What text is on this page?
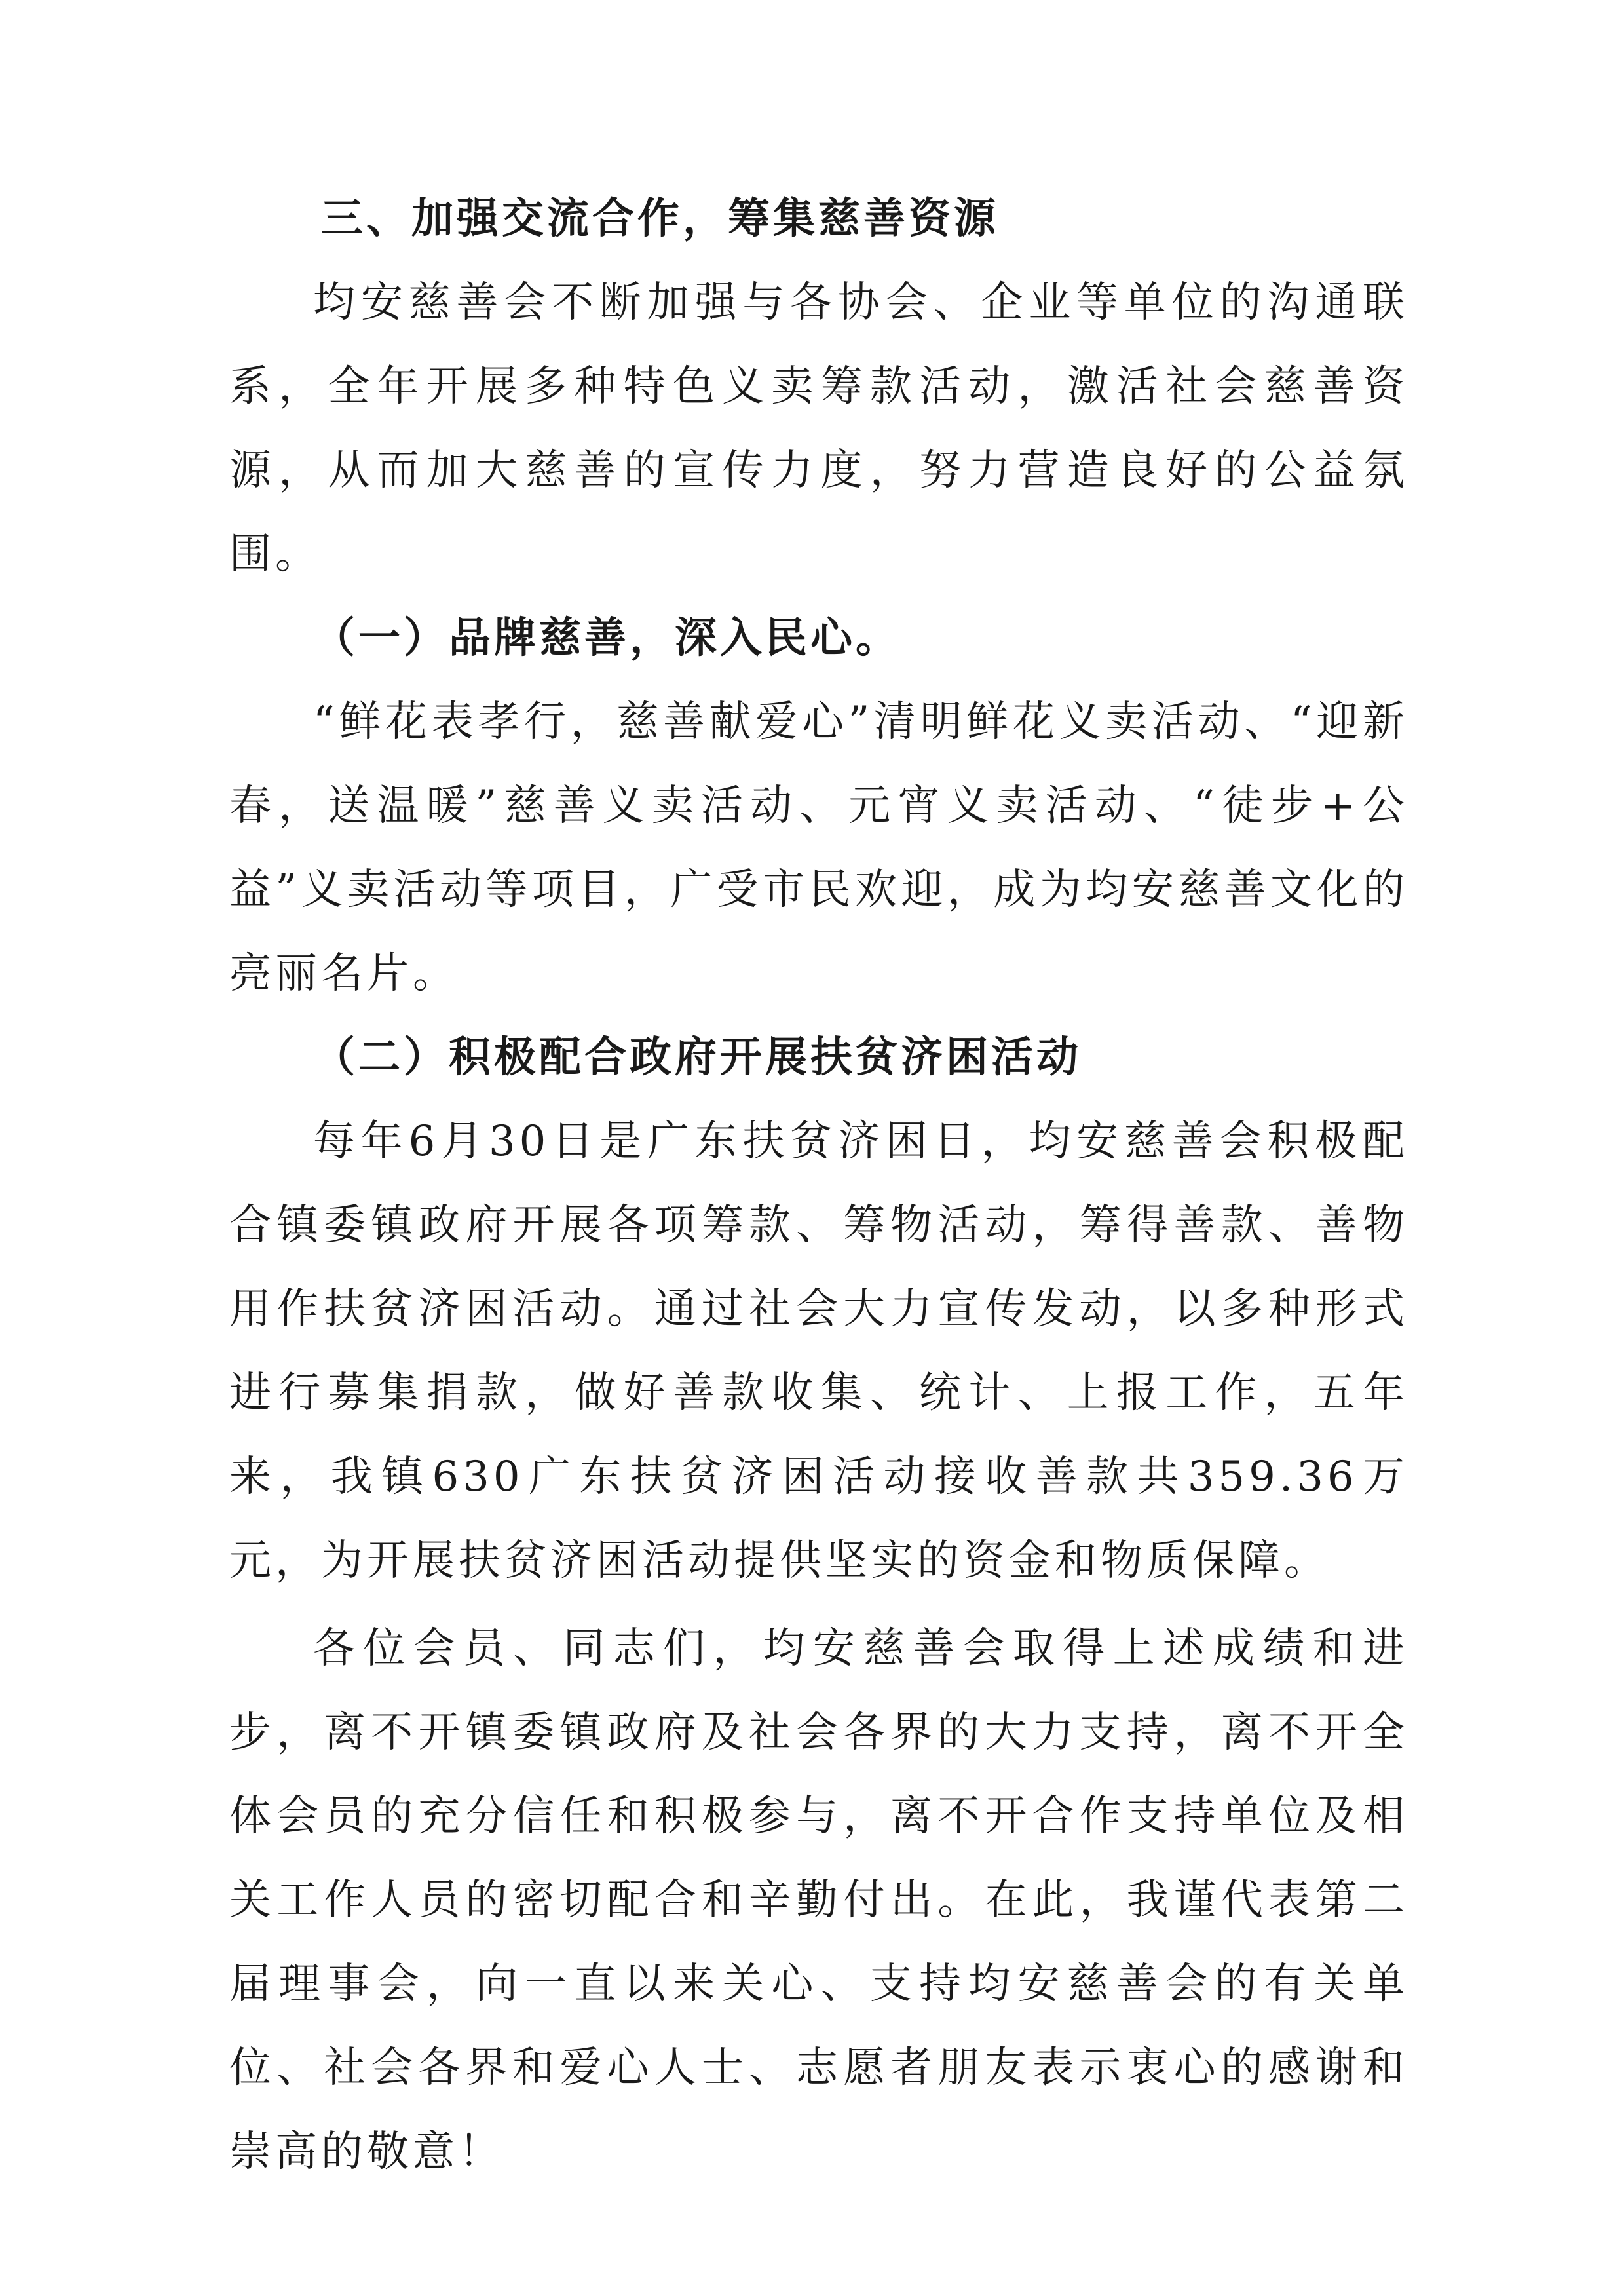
三、加强交流合作，筹集慈善资源

均安慈善会不断加强与各协会、企业等单位的沟通联系，全年开展多种特色义卖筹款活动，激活社会慈善资源，从而加大慈善的宣传力度，努力营造良好的公益氛围。

（一）品牌慈善，深入民心。

“鲜花表孝行，慈善献爱心”清明鲜花义卖活动、“迎新春，送温暖”慈善义卖活动、元宵义卖活动、“徒步+公益”义卖活动等项目，广受市民欢迎，成为均安慈善文化的亮丽名片。

（二）积极配合政府开展扶贫济困活动

每年6月30日是广东扶贫济困日，均安慈善会积极配合镇委镇政府开展各项筹款、筹物活动，筹得善款、善物用作扶贫济困活动。通过社会大力宣传发动，以多种形式进行募集捐款，做好善款收集、统计、上报工作，五年来，我镇630广东扶贫济困活动接收善款共359.36万元，为开展扶贫济困活动提供坚实的资金和物质保障。

各位会员、同志们，均安慈善会取得上述成绩和进步，离不开镇委镇政府及社会各界的大力支持，离不开全体会员的充分信任和积极参与，离不开合作支持单位及相关工作人员的密切配合和辛勤付出。在此，我谨代表第二届理事会，向一直以来关心、支持均安慈善会的有关单位、社会各界和爱心人士、志愿者朋友表示衷心的感谢和崇高的敬意！
